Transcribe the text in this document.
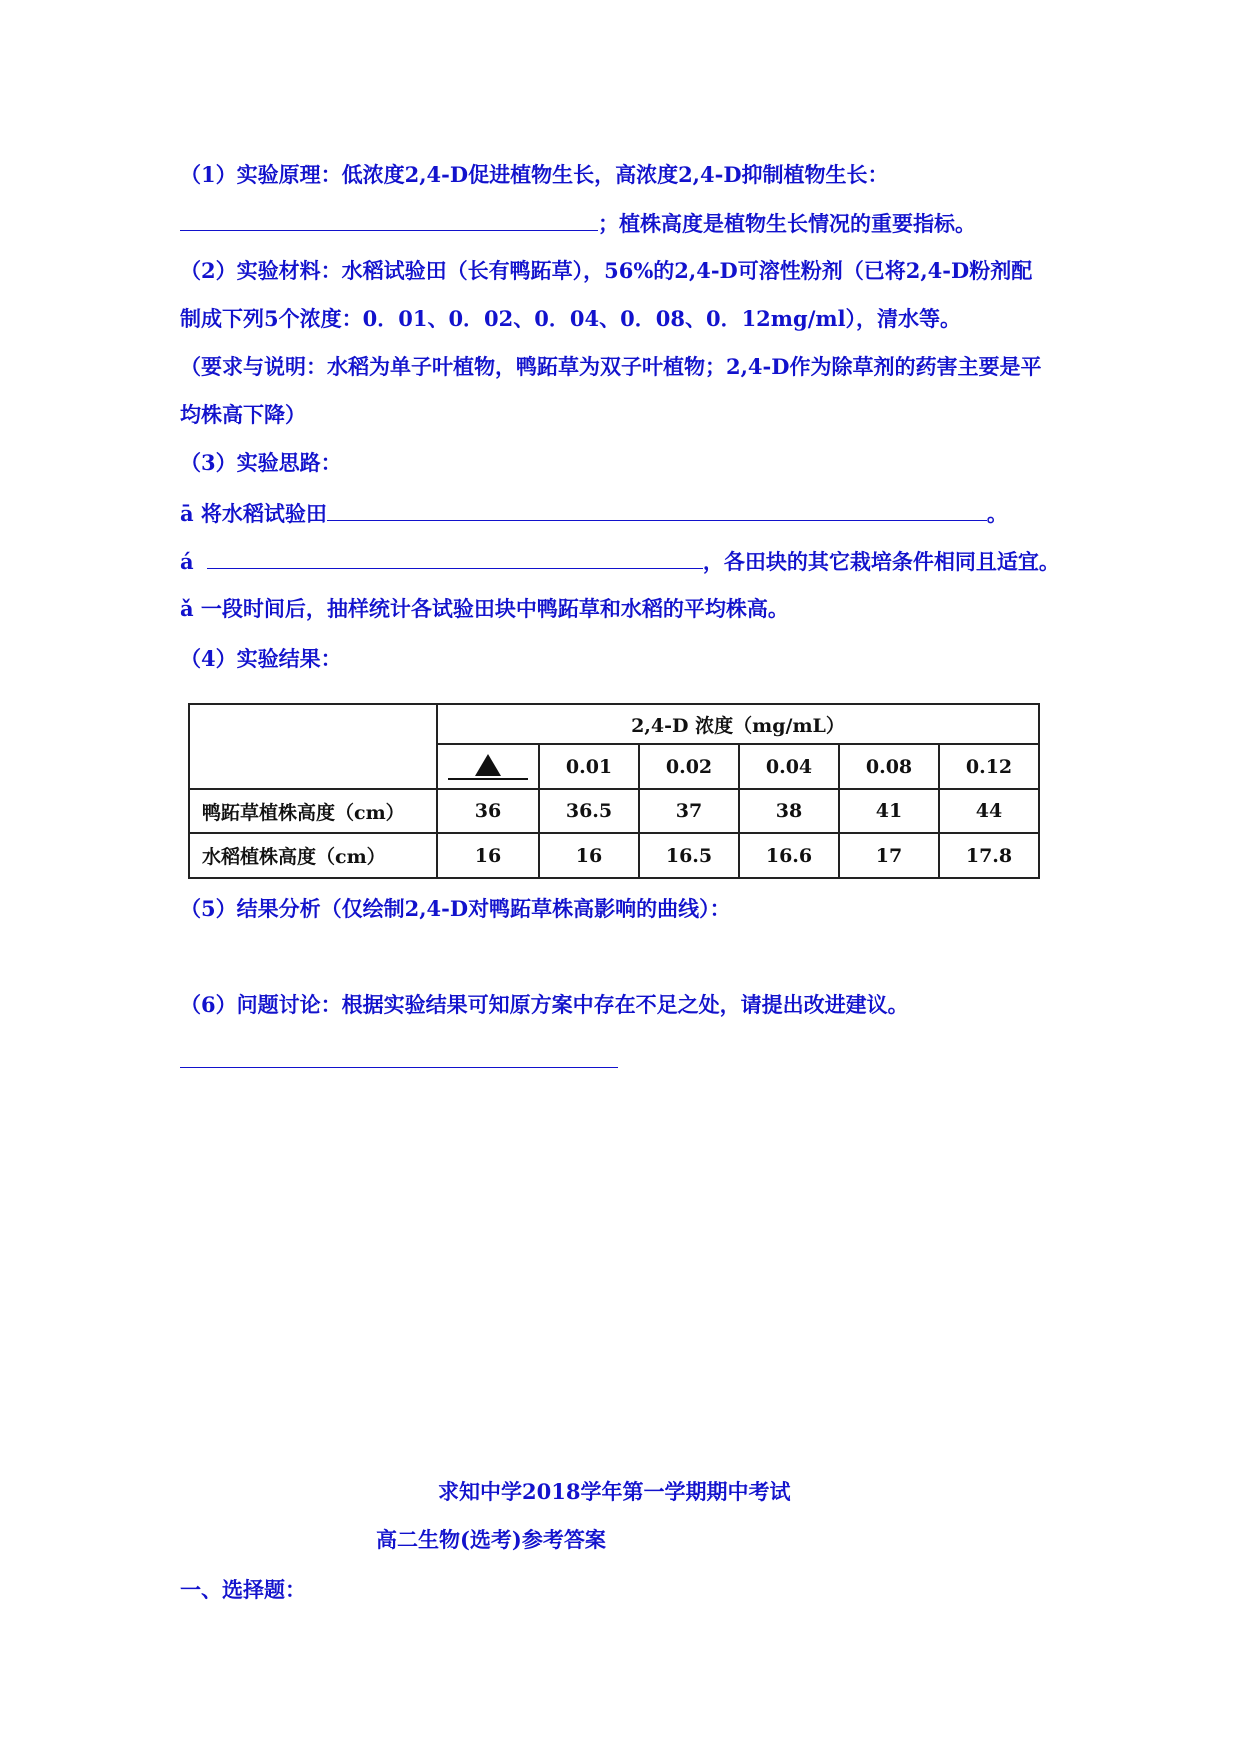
（1）实验原理：低浓度2,4-D促进植物生长，高浓度2,4-D抑制植物生长：
；植株高度是植物生长情况的重要指标。
（2）实验材料：水稻试验田（长有鸭跖草），56%的2,4-D可溶性粉剂（已将2,4-D粉剂配
制成下列5个浓度：0．01、0．02、0．04、0．08、0．12mg/ml），清水等。
（要求与说明：水稻为单子叶植物，鸭跖草为双子叶植物；2,4-D作为除草剂的药害主要是平
均株高下降）
（3）实验思路：
ā 将水稻试验田	。
á	，各田块的其它栽培条件相同且适宜。
ǎ 一段时间后，抽样统计各试验田块中鸭跖草和水稻的平均株高。
（4）实验结果：
	2,4-D 浓度（mg/mL）					

		0.01	0.02	0.04	0.08	0.12
鸭跖草植株高度（cm）	36	36.5	37	38	41	44
水稻植株高度（cm）	16	16	16.5	16.6	17	17.8
（5）结果分析（仅绘制2,4-D对鸭跖草株高影响的曲线）：
（6）问题讨论：根据实验结果可知原方案中存在不足之处，请提出改进建议。
求知中学2018学年第一学期期中考试
高二生物(选考)参考答案
一、选择题：
